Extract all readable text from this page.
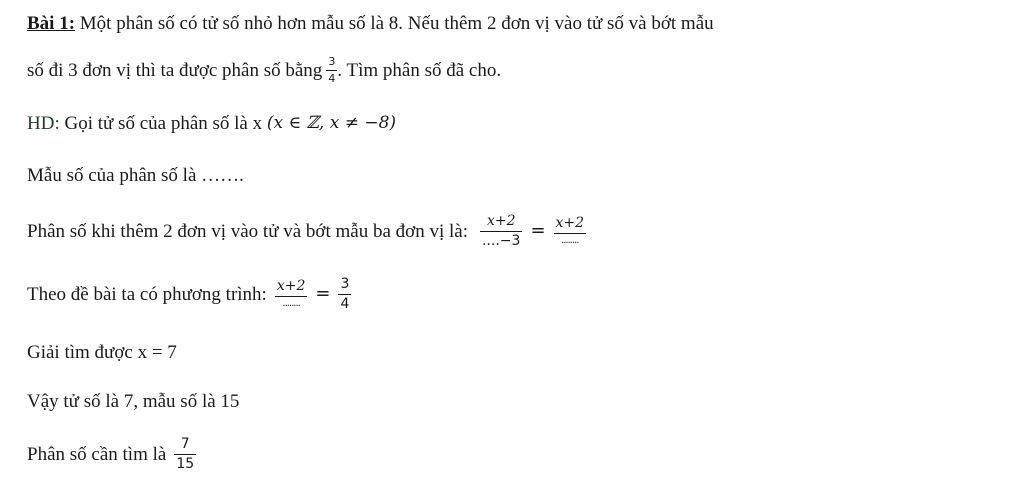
Bài 1: Một phân số có tử số nhỏ hơn mẫu số là 8. Nếu thêm 2 đơn vị vào tử số và bớt mẫu
số đi 3 đơn vị thì ta được phân số bằng $\frac{3}{4}$ . Tìm phân số đã cho.
HD: Gọi tử số của phân số là x (x ∈ ℤ, x ≠ −8)
Mẫu số của phân số là …….
Phân số khi thêm 2 đơn vị vào tử và bớt mẫu ba đơn vị là: $\frac{x+2}{....-3} = \frac{x+2}{........}$
Theo đề bài ta có phương trình: $\frac{x+2}{........} = \frac{3}{4}$
Giải tìm được x = 7
Vậy tử số là 7, mẫu số là 15
Phân số cần tìm là $\frac{7}{15}$
